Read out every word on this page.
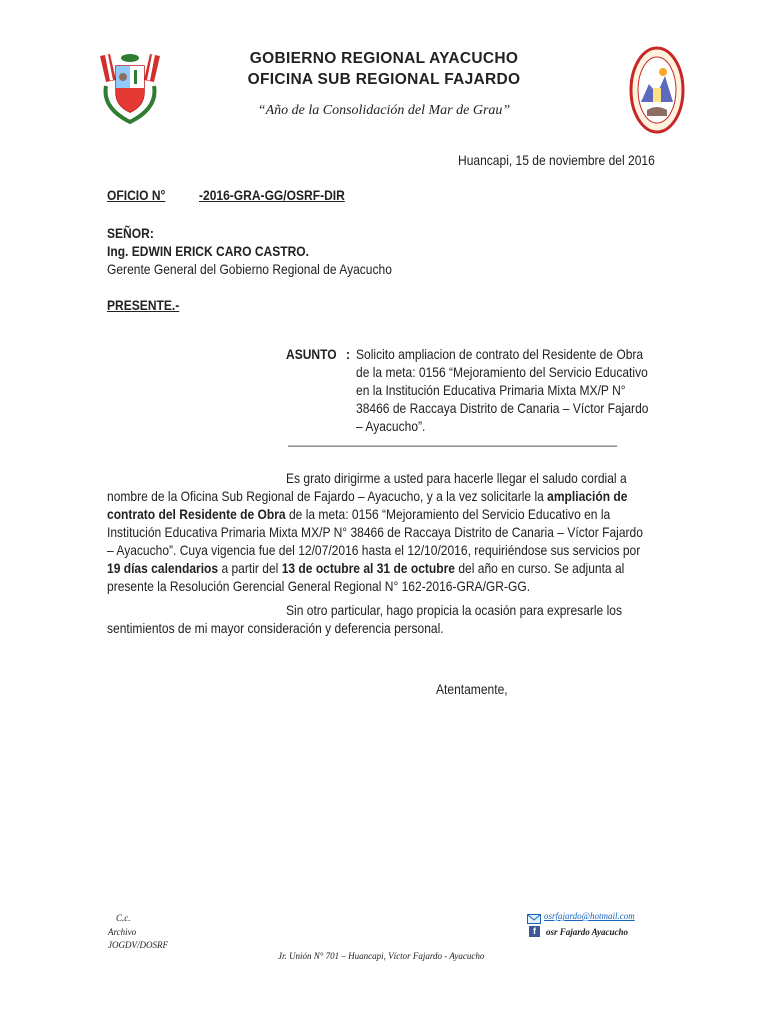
GOBIERNO REGIONAL AYACUCHO
OFICINA SUB REGIONAL FAJARDO
“Año de la Consolidación del Mar de Grau”
Huancapi, 15 de noviembre del 2016
OFICIO N° -2016-GRA-GG/OSRF-DIR
SEÑOR:
Ing. EDWIN ERICK CARO CASTRO.
Gerente General del Gobierno Regional de Ayacucho
PRESENTE.-
ASUNTO : Solicito ampliacion de contrato del Residente de Obra
de la meta: 0156 “Mejoramiento del Servicio Educativo
en la Institución Educativa Primaria Mixta MX/P N°
38466 de Raccaya Distrito de Canaria – Víctor Fajardo
– Ayacucho”.
____________________________________________________________
Es grato dirigirme a usted para hacerle llegar el saludo cordial a
nombre de la Oficina Sub Regional de Fajardo – Ayacucho, y a la vez solicitarle la ampliación de
contrato del Residente de Obra de la meta: 0156 “Mejoramiento del Servicio Educativo en la
Institución Educativa Primaria Mixta MX/P N° 38466 de Raccaya Distrito de Canaria – Víctor Fajardo
– Ayacucho”. Cuya vigencia fue del 12/07/2016 hasta el 12/10/2016, requiriéndose sus servicios por
19 días calendarios a partir del 13 de octubre al 31 de octubre del año en curso. Se adjunta al
presente la Resolución Gerencial General Regional N° 162-2016-GRA/GR-GG.
Sin otro particular, hago propicia la ocasión para expresarle los
sentimientos de mi mayor consideración y deferencia personal.
Atentamente,
C.c.
Archivo
JOGDV/DOSRF
osrfajardo@hotmail.com
f	osr Fajardo Ayacucho
Jr. Unión N° 701 – Huancapi, Víctor Fajardo - Ayacucho
